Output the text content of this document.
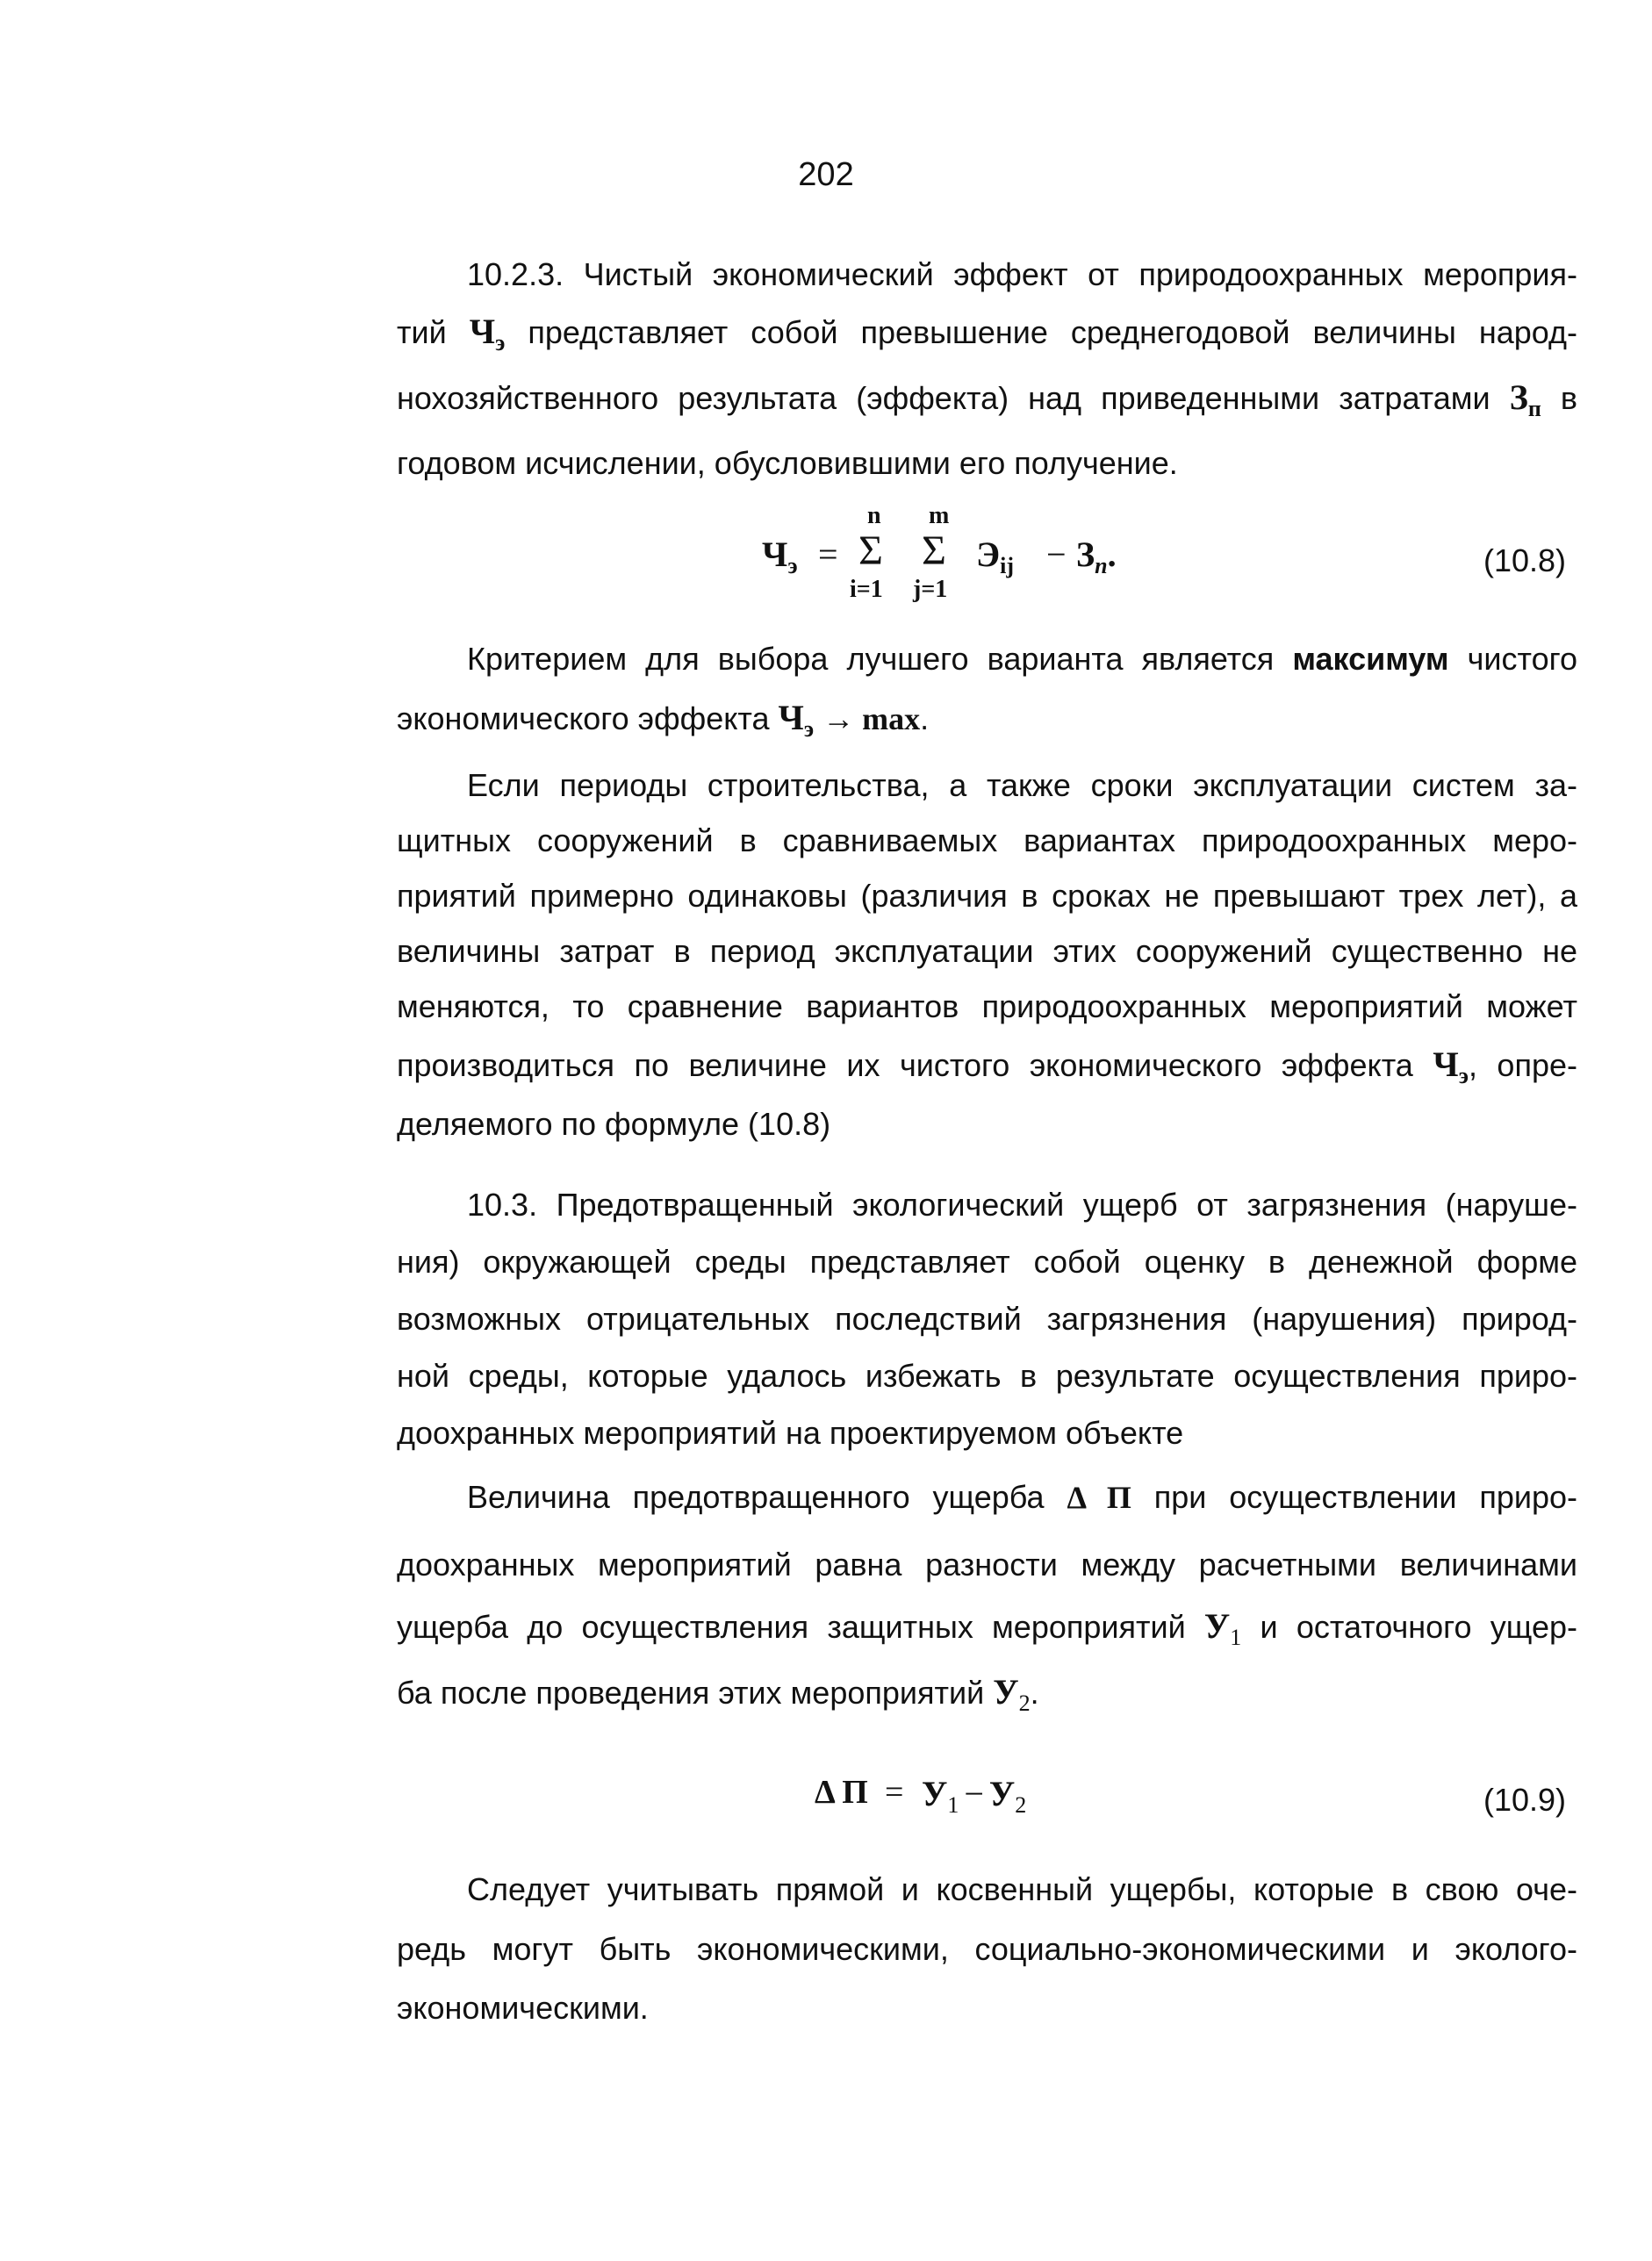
202
10.2.3. Чистый экономический эффект от природоохранных мероприя-
тий $Ч_э$ представляет собой превышение среднегодовой величины народ-
нохозяйственного результата (эффекта) над приведенными затратами $З_п$ в
годовом исчислении, обусловившими его получение.
$Ч_э$ =
n
Σ
i=1
m
Σ
j=1
$Э_{ij} - З_п$.	(10.8)
Критерием для выбора лучшего варианта является максимум чистого
экономического эффекта $Ч_э \to \max$.
Если периоды строительства, а также сроки эксплуатации систем за-
щитных сооружений в сравниваемых вариантах природоохранных меро-
приятий примерно одинаковы (различия в сроках не превышают трех лет), а
величины затрат в период эксплуатации этих сооружений существенно не
меняются, то сравнение вариантов природоохранных мероприятий может
производиться по величине их чистого экономического эффекта $Ч_э$, опре-
деляемого по формуле (10.8)
10.3. Предотвращенный экологический ущерб от загрязнения (наруше-
ния) окружающей среды представляет собой оценку в денежной форме
возможных отрицательных последствий загрязнения (нарушения) природ-
ной среды, которые удалось избежать в результате осуществления приро-
доохранных мероприятий на проектируемом объекте
Величина предотвращенного ущерба Δ П при осуществлении приро-
доохранных мероприятий равна разности между расчетными величинами
ущерба до осуществления защитных мероприятий $У_1$ и остаточного ущер-
ба после проведения этих мероприятий $У_2$.
Δ $П = У_1 - У_2$	(10.9)
Следует учитывать прямой и косвенный ущербы, которые в свою оче-
редь могут быть экономическими, социально-экономическими и эколого-
экономическими.
